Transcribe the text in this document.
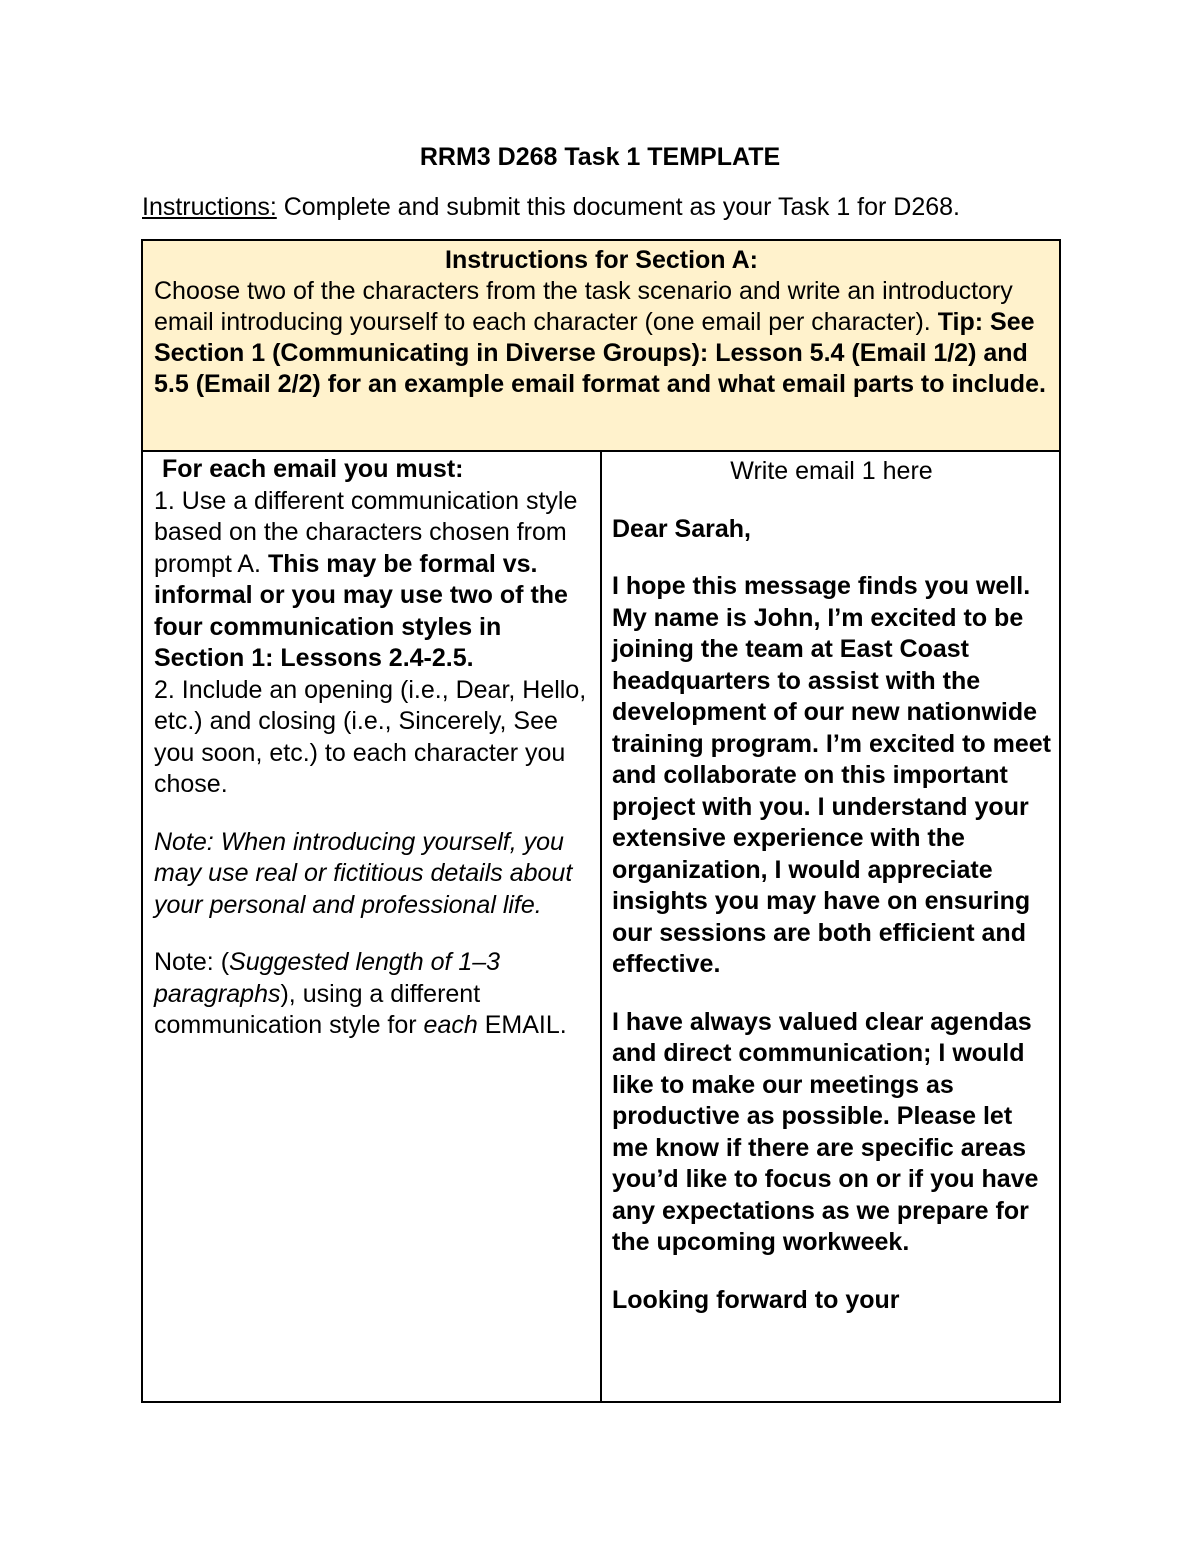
RRM3 D268 Task 1 TEMPLATE
Instructions: Complete and submit this document as your Task 1 for D268.
Instructions for Section A:
Choose two of the characters from the task scenario and write an introductory email introducing yourself to each character (one email per character). Tip: See Section 1 (Communicating in Diverse Groups): Lesson 5.4 (Email 1/2) and 5.5 (Email 2/2) for an example email format and what email parts to include.
For each email you must:
1. Use a different communication style based on the characters chosen from prompt A. This may be formal vs. informal or you may use two of the four communication styles in Section 1: Lessons 2.4-2.5.
2. Include an opening (i.e., Dear, Hello, etc.) and closing (i.e., Sincerely, See you soon, etc.) to each character you chose.
Note: When introducing yourself, you may use real or fictitious details about your personal and professional life.
Note: (Suggested length of 1–3 paragraphs), using a different communication style for each EMAIL.
Write email 1 here

Dear Sarah,

I hope this message finds you well. My name is John, I’m excited to be joining the team at East Coast headquarters to assist with the development of our new nationwide training program. I’m excited to meet and collaborate on this important project with you. I understand your extensive experience with the organization, I would appreciate insights you may have on ensuring our sessions are both efficient and effective.

I have always valued clear agendas and direct communication; I would like to make our meetings as productive as possible. Please let me know if there are specific areas you’d like to focus on or if you have any expectations as we prepare for the upcoming workweek.

Looking forward to your
